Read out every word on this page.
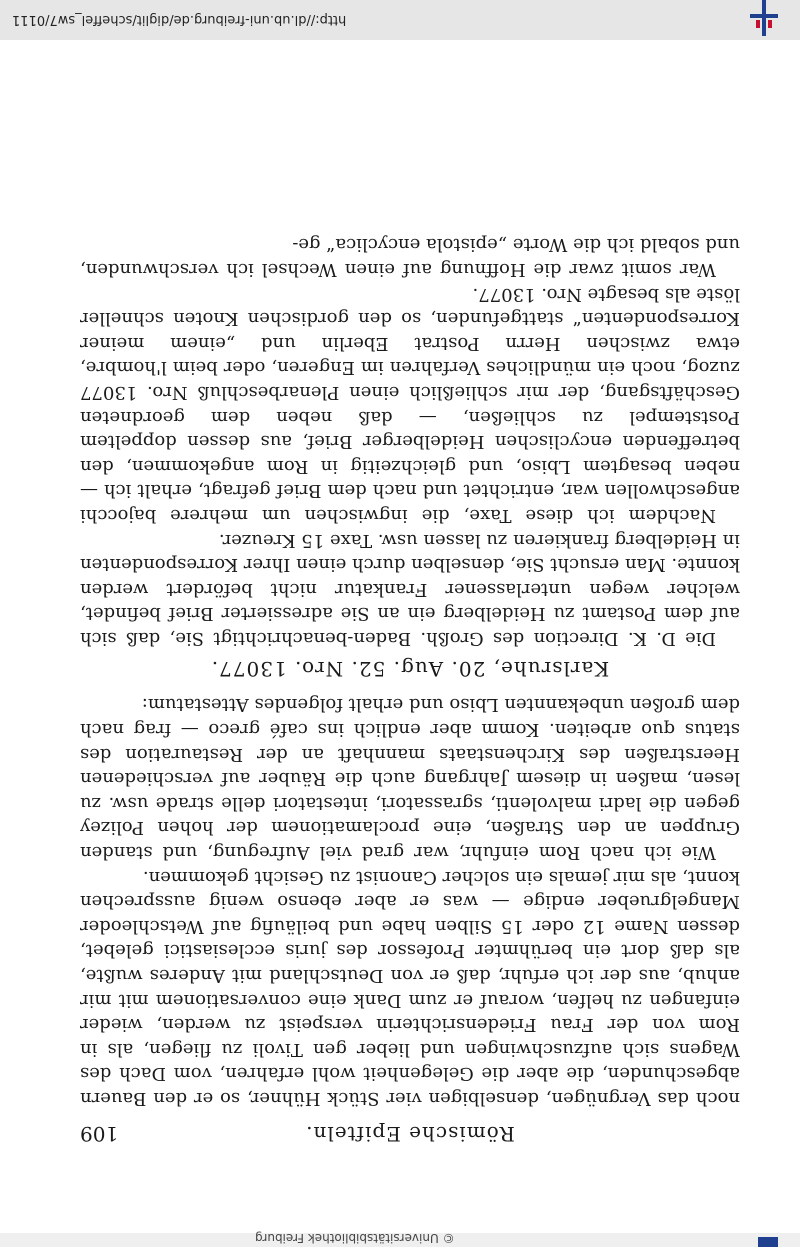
http://dl.ub.uni-freiburg.de/diglit/scheffel_sw7/0111
Römische Epifteln.
109

noch das Vergnügen, denselbigen vier Stück Hühner, so er den Bauern abgeschunden, die aber die Gelegenheit wohl erfahren, vom Dach des Wagens sich aufzuschwingen und lieber gen Tivoli zu fliegen, als in Rom von der Frau Friedensrichterin verspeist zu werden, wieder einfangen zu helfen, worauf er zum Dank eine conversationem mit mir anhub, aus der ich erfuhr, daß er von Deutschland mit Anderes wußte, als daß dort ein berühmter Professor des juris ecclesiastici gelebet, dessen Name 12 oder 15 Silben habe und beiläufig auf Wetschleoder Mangelgrueber endige — was er aber ebenso wenig aussprechen konnt, als mir jemals ein solcher Canonist zu Gesicht gekommen.

Wie ich nach Rom einfuhr, war grad viel Aufregung, und standen Gruppen an den Straßen, eine proclamationem der hohen Polizey gegen die ladri malvolenti, sgrassatori, intestatori delle strade usw. zu lesen, maßen in diesem Jahrgang auch die Räuber auf verschiedenen Heerstraßen des Kirchenstaats mannhaft an der Restauration des status quo arbeiten. Komm aber endlich ins café greco — frag nach dem großen unbekannten Lbiso und erhalt folgendes Attestatum:

Karlsruhe, 20. Aug. 52. Nro. 13077.

Die D. K. Direction des Großh. Baden-benachrichtigt Sie, daß sich auf dem Postamt zu Heidelberg ein an Sie adressierter Brief befindet, welcher wegen unterlassener Frankatur nicht befördert werden konnte. Man ersucht Sie, denselben durch einen Ihrer Korrespondenten in Heidelberg frankieren zu lassen usw. Taxe 15 Kreuzer.

Nachdem ich diese Taxe, die ingwischen um mehrere bajocchi angeschwollen war, entrichtet und nach dem Brief gefragt, erhalt ich — neben besagtem Lbiso, und gleichzeitig in Rom angekommen, den betreffenden encyclischen Heidelberger Brief, aus dessen doppeltem Poststempel zu schließen, — daß neben dem geordneten Geschäftsgang, der mir schließlich einen Plenarbeschluß Nro. 13077 zuzog, noch ein mündliches Verfahren im Engeren, oder beim l'hombre, etwa zwischen Herrn Postrat Eberlin und „einem meiner Korrespondenten“ stattgefunden, so den gordischen Knoten schneller löste als besagte Nro. 13077.

War somit zwar die Hoffnung auf einen Wechsel ich verschwunden, und sobald ich die Worte „epistola encyclica“ ge-

© Universitätsbibliothek Freiburg
